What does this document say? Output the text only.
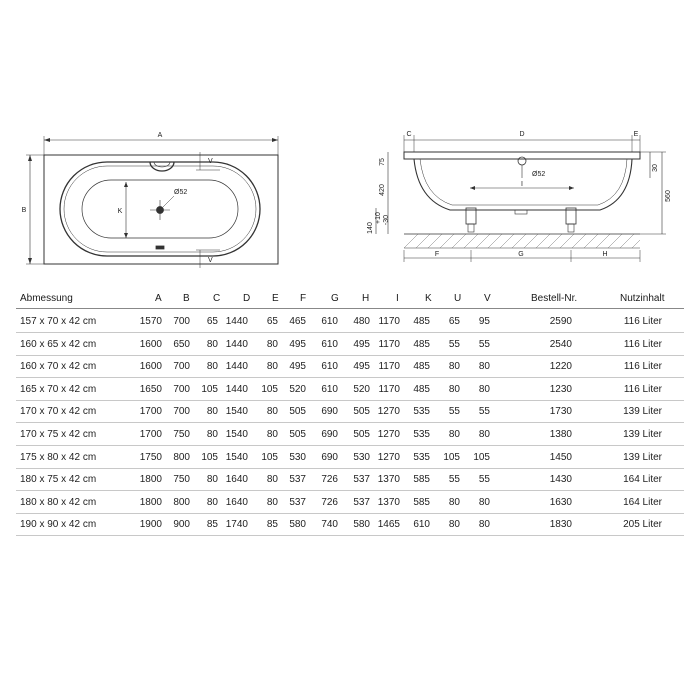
A
B	K
V
V
Ø52
C	D	E
I
Ø52
F	G	H
75
420
140
+10 -30
30
560
Abmessung	A B C D E F G H	I	K U V	Bestell-Nr.	Nutzinhalt
157 x 70 x 42 cm	1570 700 65 1440 65 465 610 480 1170 485 65 95	2590	116 Liter
160 x 65 x 42 cm	1600 650 80 1440 80 495 610 495 1170 485 55 55	2540	116 Liter
160 x 70 x 42 cm	1600 700 80 1440 80 495 610 495 1170 485 80 80	1220	116 Liter
165 x 70 x 42 cm	1650 700 105 1440 105 520 610 520 1170 485 80 80	1230	116 Liter
170 x 70 x 42 cm	1700 700 80 1540 80 505 690 505 1270 535 55 55	1730	139 Liter
170 x 75 x 42 cm	1700 750 80 1540 80 505 690 505 1270 535 80 80	1380	139 Liter
175 x 80 x 42 cm	1750 800 105 1540 105 530 690 530 1270 535 105 105	1450	139 Liter
180 x 75 x 42 cm	1800 750 80 1640 80 537 726 537 1370 585 55 55	1430	164 Liter
180 x 80 x 42 cm	1800 800 80 1640 80 537 726 537 1370 585 80 80	1630	164 Liter
190 x 90 x 42 cm	1900 900 85 1740 85 580 740 580 1465 610 80 80	1830	205 Liter
